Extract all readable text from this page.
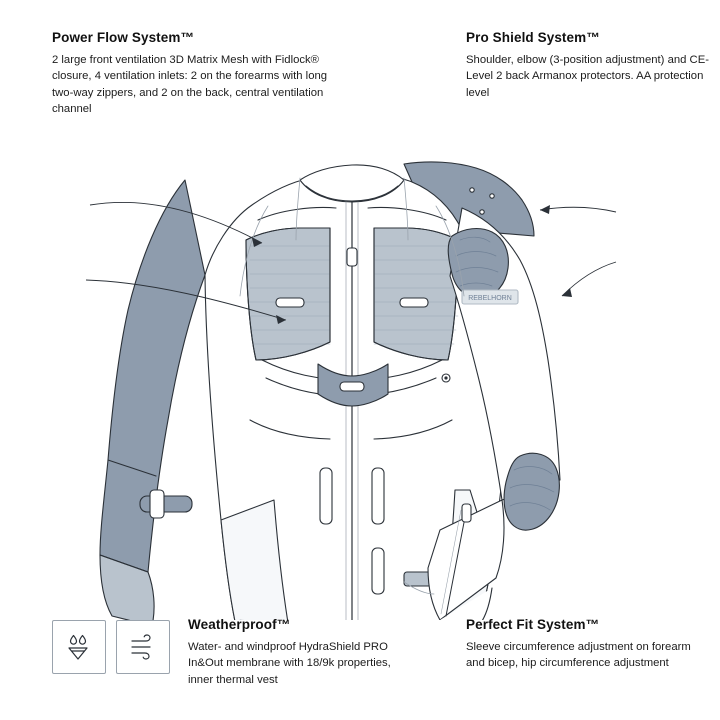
REBELHORN
Power Flow System™

2 large front ventilation 3D Matrix Mesh with Fidlock® closure, 4 ventilation inlets: 2 on the forearms with long two-way zippers, and 2 on the back, central ventilation channel

Pro Shield System™

Shoulder, elbow (3-position adjustment) and CE-Level 2 back Armanox protectors. AA protection level

Weatherproof™

Water- and windproof HydraShield PRO In&Out membrane with 18/9k properties, inner thermal vest

Perfect Fit System™

Sleeve circumference adjustment on forearm and bicep, hip circumference adjustment
